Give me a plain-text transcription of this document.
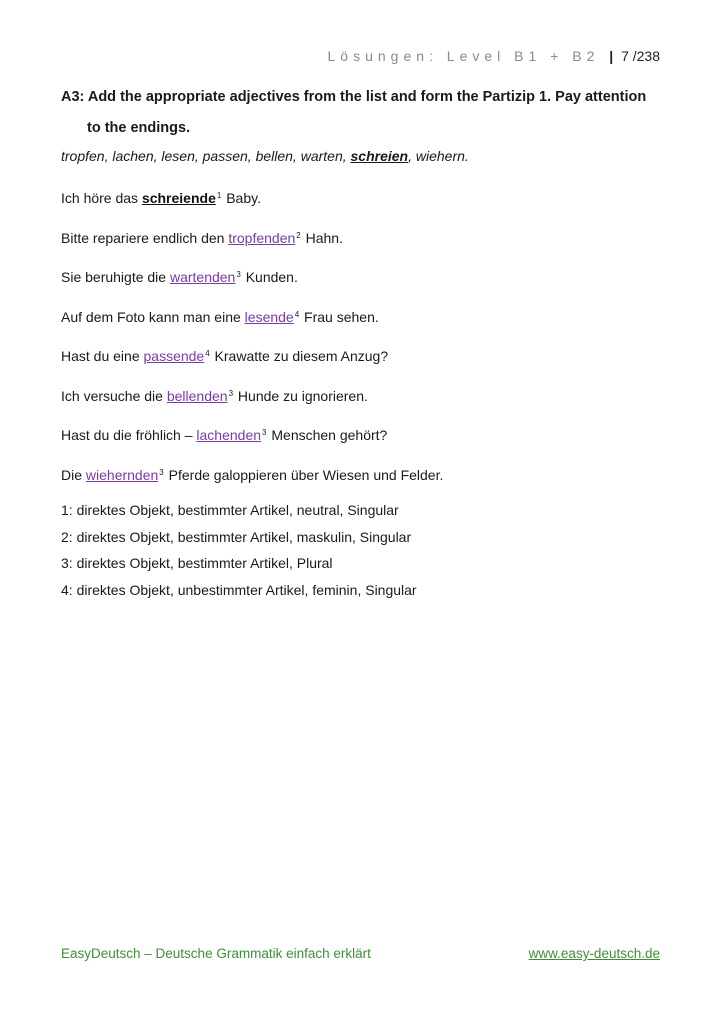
Lösungen: Level B1 + B2 | 7 /238
A3: Add the appropriate adjectives from the list and form the Partizip 1. Pay attention
to the endings.
tropfen, lachen, lesen, passen, bellen, warten, schreien, wiehern.
Ich höre das schreiende$^1$ Baby.
Bitte repariere endlich den tropfenden$^2$ Hahn.
Sie beruhigte die wartenden$^3$ Kunden.
Auf dem Foto kann man eine lesende$^4$ Frau sehen.
Hast du eine passende$^4$ Krawatte zu diesem Anzug?
Ich versuche die bellenden$^3$ Hunde zu ignorieren.
Hast du die fröhlich – lachenden$^3$ Menschen gehört?
Die wiehernden$^3$ Pferde galoppieren über Wiesen und Felder.
1: direktes Objekt, bestimmter Artikel, neutral, Singular
2: direktes Objekt, bestimmter Artikel, maskulin, Singular
3: direktes Objekt, bestimmter Artikel, Plural
4: direktes Objekt, unbestimmter Artikel, feminin, Singular
EasyDeutsch – Deutsche Grammatik einfach erklärt	www.easy-deutsch.de
